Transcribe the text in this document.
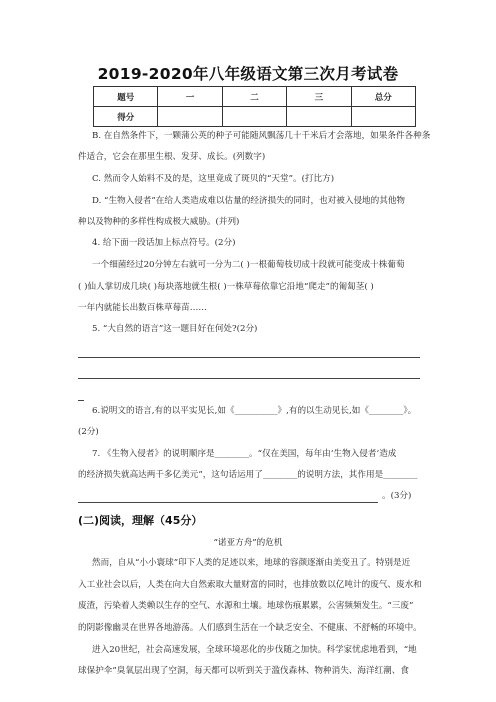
2019-2020年八年级语文第三次月考试卷
题号	一	二	三	总分
得分				
B. 在自然条件下，一颗蒲公英的种子可能随风飘荡几十千米后才会落地，如果条件各种条
件适合，它会在那里生根、发芽、成长。(列数字)
C. 然而令人始料不及的是，这里竟成了斑贝的“天堂”。(打比方)
D. “生物入侵者”在给人类造成难以估量的经济损失的同时，也对被入侵地的其他物
种以及物种的多样性构成极大威胁。(并列)
4. 给下面一段话加上标点符号。(2分)
一个细菌经过20分钟左右就可一分为二( )一根葡萄枝切成十段就可能变成十株葡萄
( )仙人掌切成几块( )每块落地就生根( )一株草莓依靠它沿地“爬走”的匍匐茎( )
一年内就能长出数百株草莓苗……
5. “大自然的语言”这一题目好在何处?(2分)
6.说明文的语言,有的以平实见长,如《__________》,有的以生动见长,如《________》。
(2分)
7. 《生物入侵者》的说明顺序是________。“仅在美国，每年由‘生物入侵者’造成
的经济损失就高达两千多亿美元”，这句话运用了________的说明方法，其作用是________
。(3分)
(二)阅读，理解（45分）
“诺亚方舟”的危机
然而，自从“小小寰球”印下人类的足迹以来，地球的容颜逐渐由美变丑了。特别是近
入工业社会以后，人类在向大自然索取大量财富的同时，也排放数以亿吨计的废气、废水和
废渣，污染着人类赖以生存的空气、水源和土壤。地球伤痕累累，公害频频发生。“三废”
的阴影像幽灵在世界各地游荡。人们感到生活在一个缺乏安全、不健康、不舒畅的环境中。
进入20世纪，社会高速发展，全球环境恶化的步伐随之加快。科学家忧虑地看到，“地
球保护伞”臭氧层出现了空洞，每天都可以听到关于滥伐森林、物种消失、海洋红潮、食
